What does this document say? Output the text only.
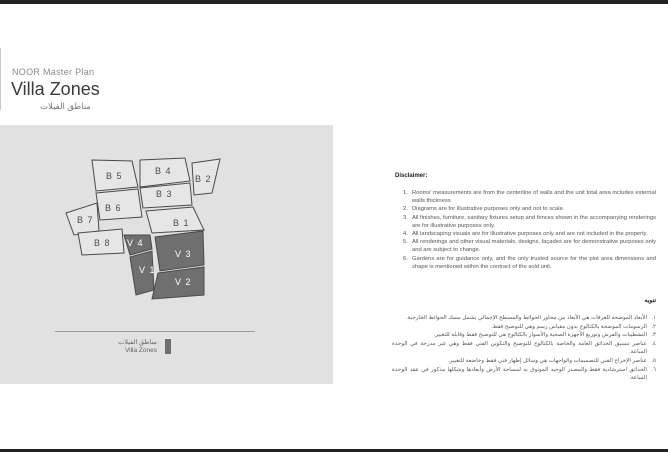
NOOR Master Plan
Villa Zones
مناطق الفيلات
B 5	B 4
B 2
B 3
B 6
B 7	B 1
B 8 V 4
V 3
V 1
V 2
مناطق الفيلات
Villa Zones
Disclaimer:
1. Rooms' measurements are from the centerline of walls and the unit total area includes external walls thickness.
2. Diagrams are for illustrative purposes only and not to scale.
3. All finishes, furniture, sanitary fixtures setup and fences shown in the accompanying renderings are for illustrative purposes only.
4. All landscaping visuals are for illustrative purposes only and are not included in the property.
5. All renderings and other visual materials, designs, façades are for demonstrative purposes only and are subject to change.
6. Gardens are for guidance only, and the only trusted source for the plot area dimensions and shape is mentioned within the contract of the sold unit.
تنويه
١.
الأبعاد الموضحة للغرفات هي الأبعاد بين محاور الحوائط والمسطح الإجمالي يشمل سمك الحوائط الخارجية.
٢.
الرسومات الموضحة بالكتالوج بدون مقياس رسم وهي للتوضيح فقط.
٣.
التشطيبات والفرش وتوزيع الأجهزة الصحية والأسوار بالكتالوج هي للتوضيح فقط وقابلة للتغيير.
٤.
عناصر تنسيق الحدائق العامة والخاصة بالكتالوج للتوضيح والتكوين الفني فقط وهي غير مدرجة في الوحدة المباعة.
٥.
عناصر الإخراج الفني للتصميمات والواجهات هي وسائل إظهار فني فقط وخاضعة للتغيير.
٦.
الحدائق استرشادية فقط والمصدر الوحيد الموثوق به لمساحة الأرض وأبعادها وشكلها مذكور في عقد الوحدة المباعة.
